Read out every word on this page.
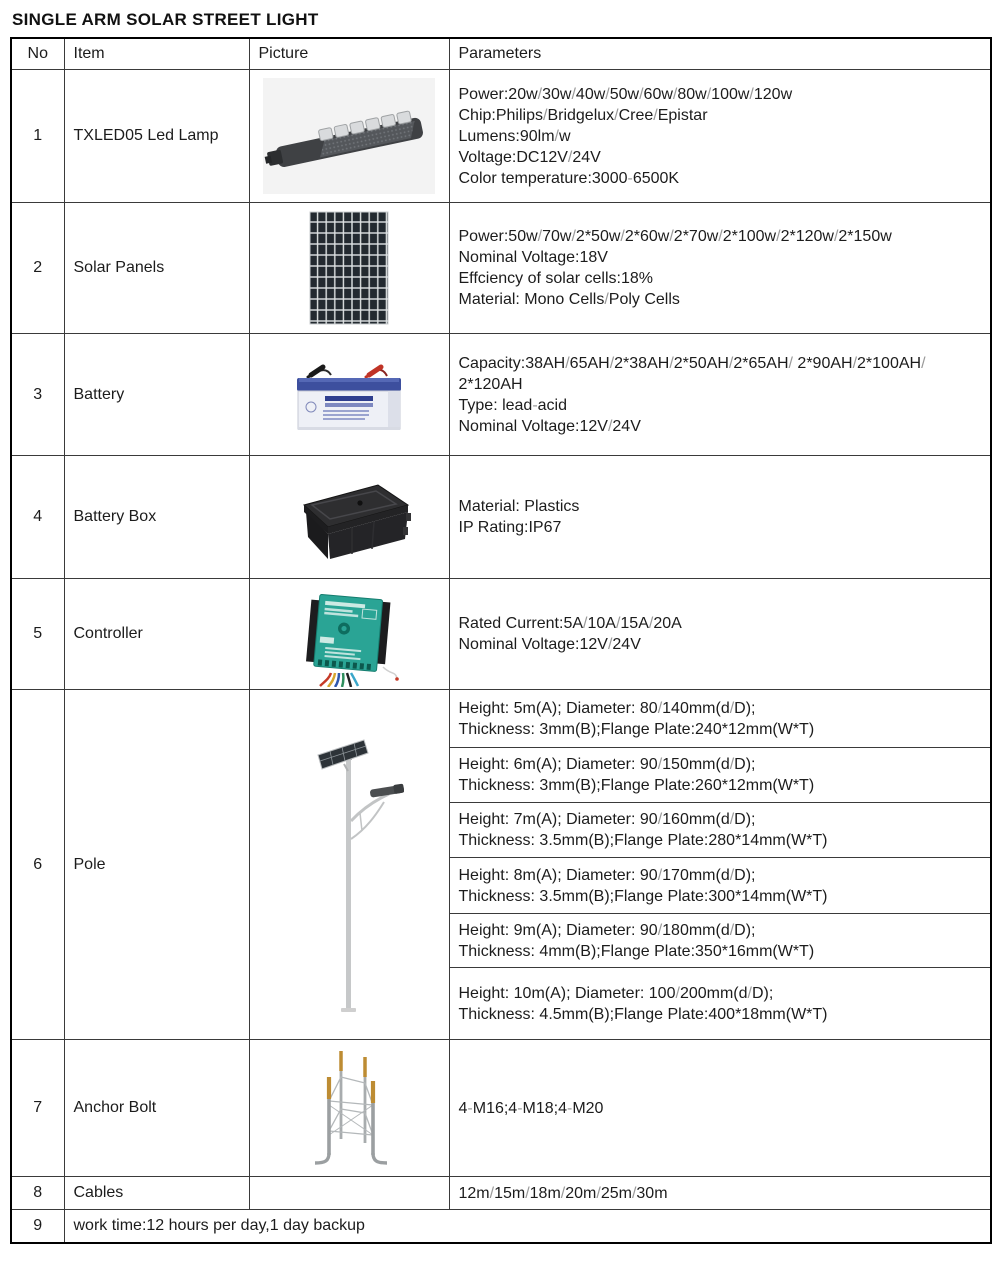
SINGLE ARM SOLAR STREET LIGHT
No	Item	Picture	Parameters
1	TXLED05 Led Lamp		Power:20w/30w/40w/50w/60w/80w/100w/120w
Chip:Philips/Bridgelux/Cree/Epistar
Lumens:90lm/w
Voltage:DC12V/24V
Color temperature:3000-6500K

2	Solar Panels		Power:50w/70w/2*50w/2*60w/2*70w/2*100w/2*120w/2*150w
Nominal Voltage:18V
Effciency of solar cells:18%
Material: Mono Cells/Poly Cells

3	Battery		Capacity:38AH/65AH/2*38AH/2*50AH/2*65AH/ 2*90AH/2*100AH/ 2*120AH
Type: lead-acid
Nominal Voltage:12V/24V

4	Battery Box		Material: Plastics
IP Rating:IP67

5	Controller		Rated Current:5A/10A/15A/20A
Nominal Voltage:12V/24V

6	Pole		Height: 5m(A); Diameter: 80/140mm(d/D);
Thickness: 3mm(B);Flange Plate:240*12mm(W*T)

			Height: 6m(A); Diameter: 90/150mm(d/D);
Thickness: 3mm(B);Flange Plate:260*12mm(W*T)

			Height: 7m(A); Diameter: 90/160mm(d/D);
Thickness: 3.5mm(B);Flange Plate:280*14mm(W*T)

			Height: 8m(A); Diameter: 90/170mm(d/D);
Thickness: 3.5mm(B);Flange Plate:300*14mm(W*T)

			Height: 9m(A); Diameter: 90/180mm(d/D);
Thickness: 4mm(B);Flange Plate:350*16mm(W*T)

			Height: 10m(A); Diameter: 100/200mm(d/D);
Thickness: 4.5mm(B);Flange Plate:400*18mm(W*T)

7	Anchor Bolt		4-M16;4-M18;4-M20

8	Cables		12m/15m/18m/20m/25m/30m

9	work time:12 hours per day,1 day backup		
